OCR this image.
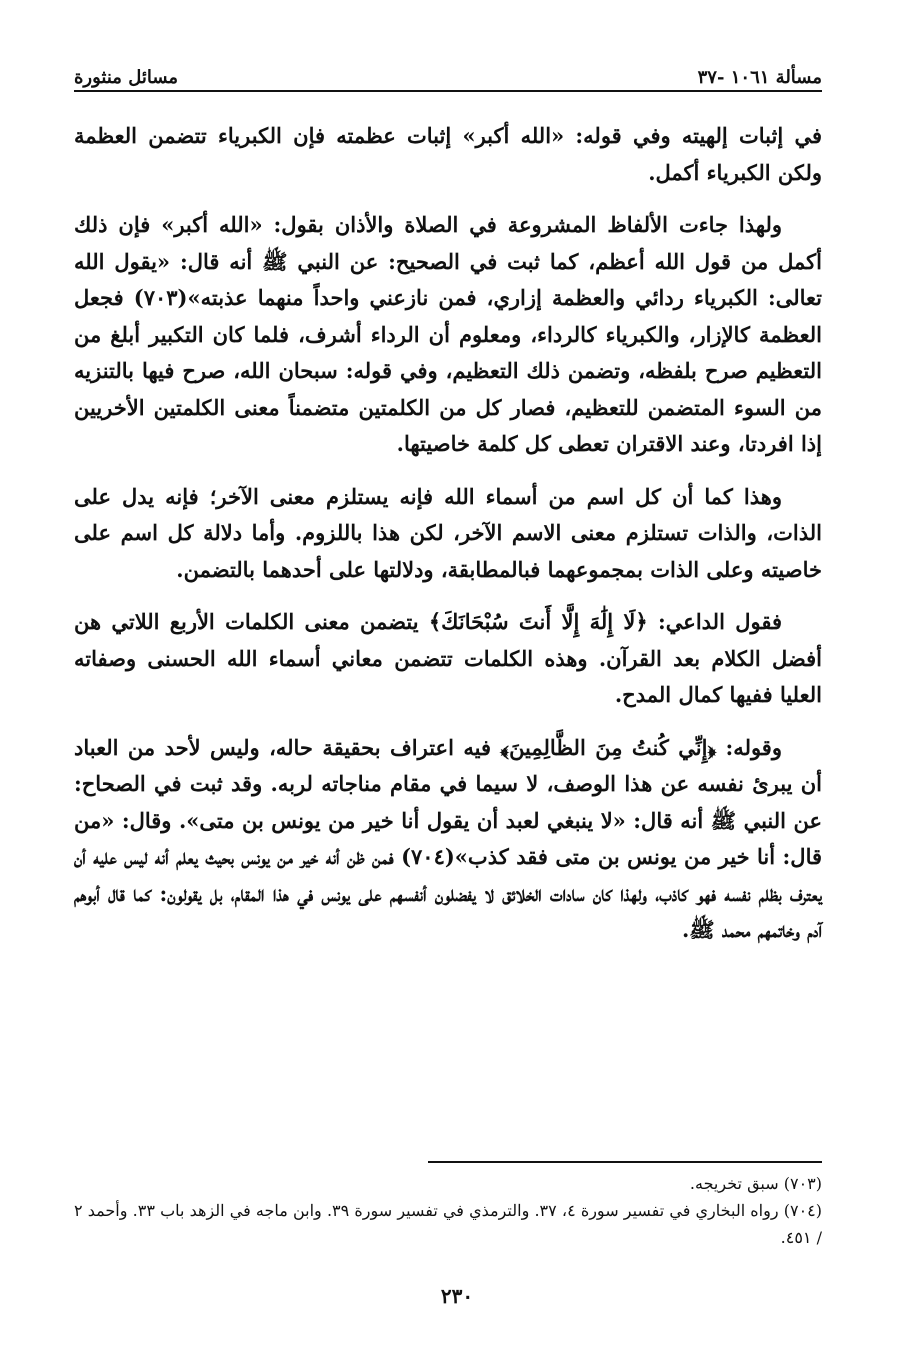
مسألة ١٠٦١ -٣٧
مسائل منثورة

في إثبات إلهيته وفي قوله: «الله أكبر» إثبات عظمته فإن الكبرياء تتضمن العظمة ولكن الكبرياء أكمل.

ولهذا جاءت الألفاظ المشروعة في الصلاة والأذان بقول: «الله أكبر» فإن ذلك أكمل من قول الله أعظم، كما ثبت في الصحيح: عن النبي ﷺ أنه قال: «يقول الله تعالى: الكبرياء ردائي والعظمة إزاري، فمن نازعني واحداً منهما عذبته»(٧٠٣) فجعل العظمة كالإزار، والكبرياء كالرداء، ومعلوم أن الرداء أشرف، فلما كان التكبير أبلغ من التعظيم صرح بلفظه، وتضمن ذلك التعظيم، وفي قوله: سبحان الله، صرح فيها بالتنزيه من السوء المتضمن للتعظيم، فصار كل من الكلمتين متضمناً معنى الكلمتين الأخريين إذا افردتا، وعند الاقتران تعطى كل كلمة خاصيتها.

وهذا كما أن كل اسم من أسماء الله فإنه يستلزم معنى الآخر؛ فإنه يدل على الذات، والذات تستلزم معنى الاسم الآخر، لكن هذا باللزوم. وأما دلالة كل اسم على خاصيته وعلى الذات بمجموعهما فبالمطابقة، ودلالتها على أحدهما بالتضمن.

فقول الداعي: ﴿لَا إِلَٰهَ إِلَّا أَنتَ سُبْحَانَكَ﴾ يتضمن معنى الكلمات الأربع اللاتي هن أفضل الكلام بعد القرآن. وهذه الكلمات تتضمن معاني أسماء الله الحسنى وصفاته العليا ففيها كمال المدح.

وقوله: ﴿إِنِّي كُنتُ مِنَ الظَّالِمِينَ﴾ فيه اعتراف بحقيقة حاله، وليس لأحد من العباد أن يبرئ نفسه عن هذا الوصف، لا سيما في مقام مناجاته لربه. وقد ثبت في الصحاح: عن النبي ﷺ أنه قال: «لا ينبغي لعبد أن يقول أنا خير من يونس بن متى». وقال: «من قال: أنا خير من يونس بن متى فقد كذب»(٧٠٤) فمن ظن أنه خير من يونس بحيث يعلم أنه ليس عليه أن يعترف بظلم نفسه فهو كاذب، ولهذا كان سادات الخلائق لا يفضلون أنفسهم على يونس في هذا المقام، بل يقولون: كما قال أبوهم آدم وخاتمهم محمد ﷺ.

(٧٠٣) سبق تخريجه.

(٧٠٤) رواه البخاري في تفسير سورة ٤، ٣٧. والترمذي في تفسير سورة ٣٩. وابن ماجه في الزهد باب ٣٣. وأحمد ٢ / ٤٥١.

٢٣٠
